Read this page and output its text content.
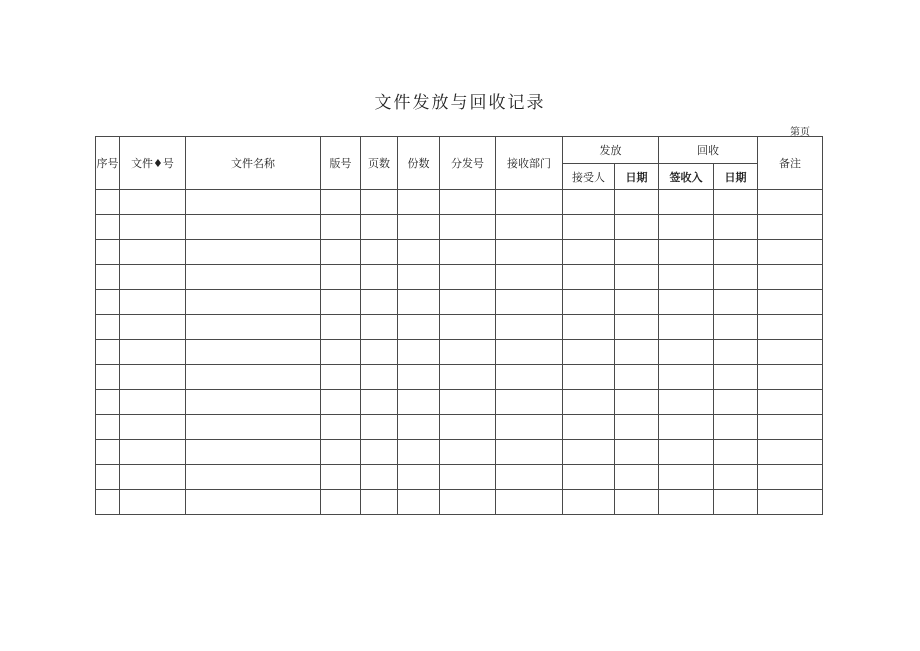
文件发放与回收记录
第页
序号	文件♦号	文件名称	版号	页数	份数	分发号	接收部门	发放		回收		备注
								接受人	日期	签收入	日期	
